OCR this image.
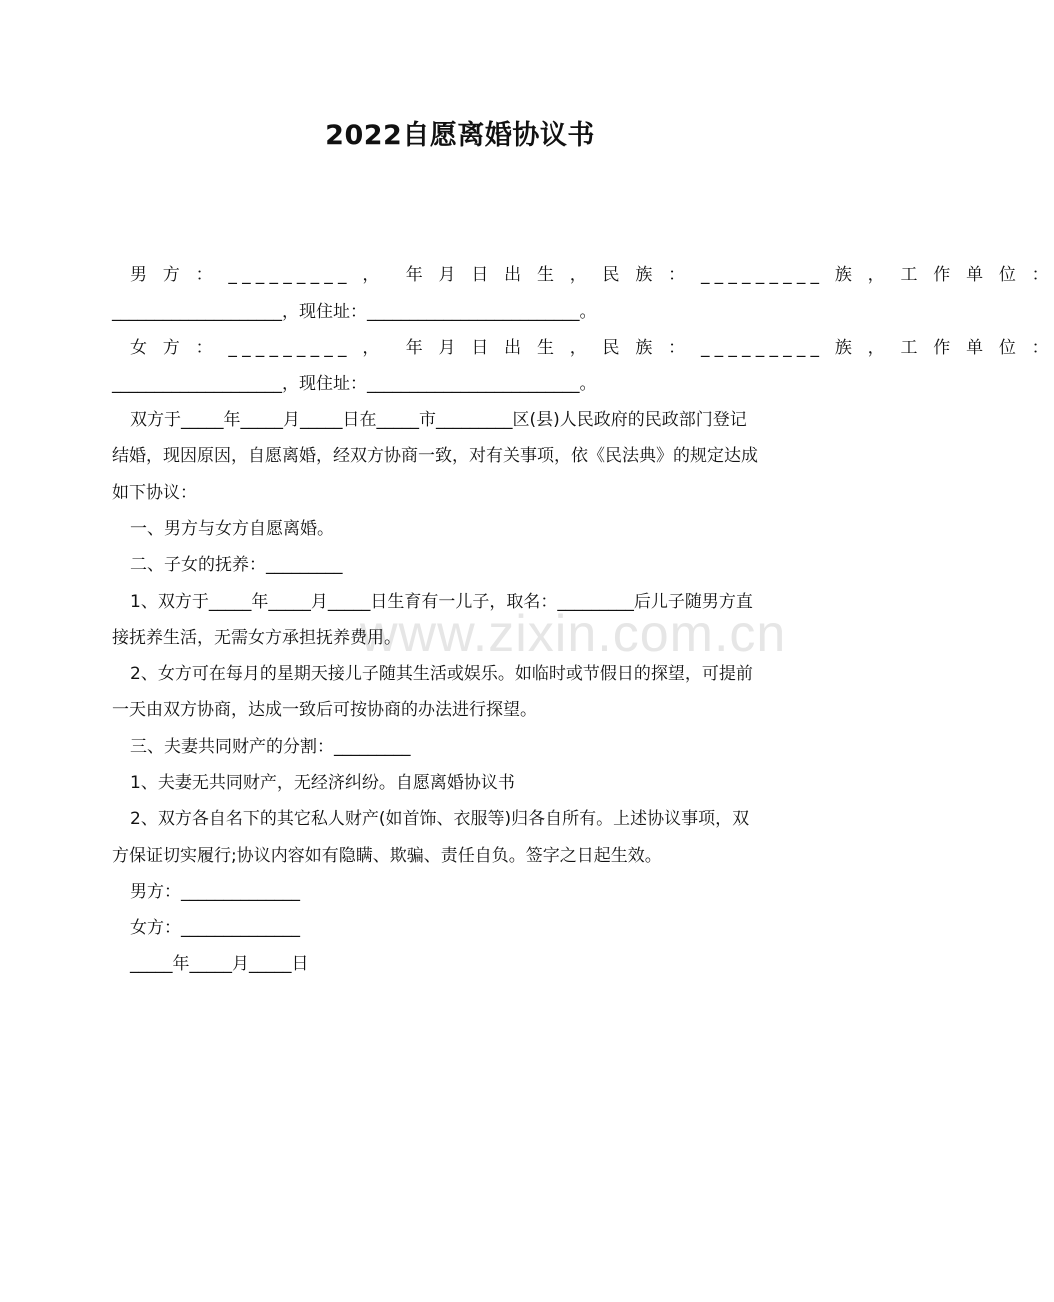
www.zixin.com.cn
2022自愿离婚协议书
男 方 ： _________ ，  年 月 日 出 生 ， 民 族 ： _________ 族 ， 工 作 单 位 ：
____________________，现住址：_________________________。
女 方 ： _________ ，  年 月 日 出 生 ， 民 族 ： _________ 族 ， 工 作 单 位 ：
____________________，现住址：_________________________。
双方于_____年_____月_____日在_____市_________区(县)人民政府的民政部门登记
结婚，现因原因，自愿离婚，经双方协商一致，对有关事项，依《民法典》的规定达成
如下协议：
一、男方与女方自愿离婚。
二、子女的抚养：_________
1、双方于_____年_____月_____日生育有一儿子，取名：_________后儿子随男方直
接抚养生活，无需女方承担抚养费用。
2、女方可在每月的星期天接儿子随其生活或娱乐。如临时或节假日的探望，可提前
一天由双方协商，达成一致后可按协商的办法进行探望。
三、夫妻共同财产的分割：_________
1、夫妻无共同财产，无经济纠纷。自愿离婚协议书
2、双方各自名下的其它私人财产(如首饰、衣服等)归各自所有。上述协议事项，双
方保证切实履行;协议内容如有隐瞒、欺骗、责任自负。签字之日起生效。
男方：______________
女方：______________
_____年_____月_____日
